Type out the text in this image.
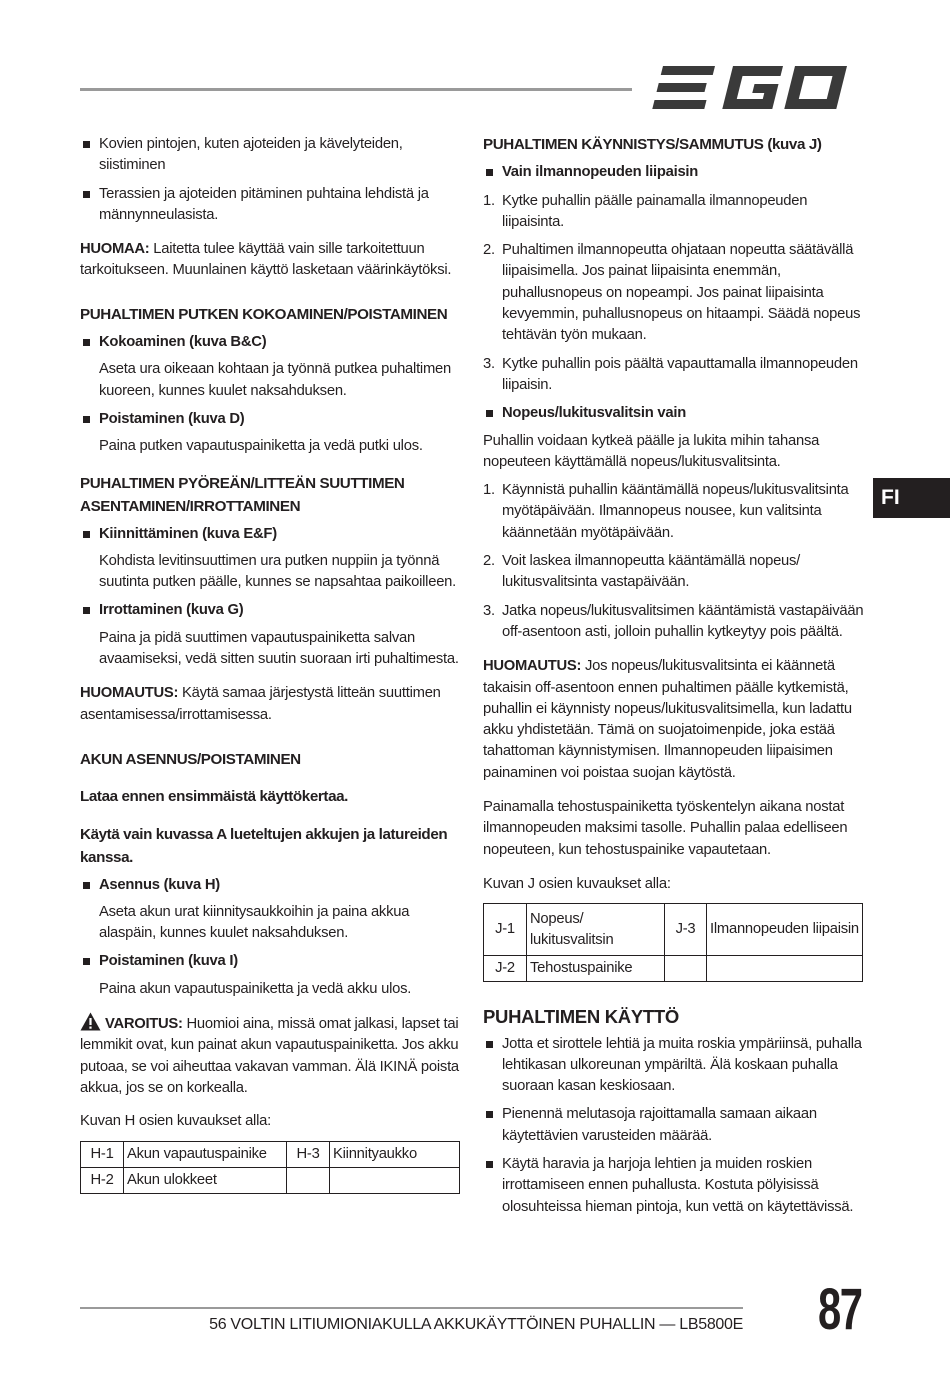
Kovien pintojen, kuten ajoteiden ja kävelyteiden, siistiminen

Terassien ja ajoteiden pitäminen puhtaina lehdistä ja männynneulasista.

HUOMAA: Laitetta tulee käyttää vain sille tarkoitettuun tarkoitukseen. Muunlainen käyttö lasketaan väärinkäytöksi.

PUHALTIMEN PUTKEN KOKOAMINEN/POISTAMINEN

Kokoaminen (kuva B&C)

Aseta ura oikeaan kohtaan ja työnnä putkea puhaltimen kuoreen, kunnes kuulet naksahduksen.

Poistaminen (kuva D)

Paina putken vapautuspainiketta ja vedä putki ulos.

PUHALTIMEN PYÖREÄN/LITTEÄN SUUTTIMEN ASENTAMINEN/IRROTTAMINEN

Kiinnittäminen (kuva E&F)

Kohdista levitinsuuttimen ura putken nuppiin ja työnnä suutinta putken päälle, kunnes se napsahtaa paikoilleen.

Irrottaminen (kuva G)

Paina ja pidä suuttimen vapautuspainiketta salvan avaamiseksi, vedä sitten suutin suoraan irti puhaltimesta.

HUOMAUTUS: Käytä samaa järjestystä litteän suuttimen asentamisessa/irrottamisessa.

AKUN ASENNUS/POISTAMINEN

Lataa ennen ensimmäistä käyttökertaa.

Käytä vain kuvassa A lueteltujen akkujen ja latureiden kanssa.

Asennus (kuva H)

Aseta akun urat kiinnitysaukkoihin ja paina akkua alaspäin, kunnes kuulet naksahduksen.

Poistaminen (kuva I)

Paina akun vapautuspainiketta ja vedä akku ulos.

VAROITUS: Huomioi aina, missä omat jalkasi, lapset tai lemmikit ovat, kun painat akun vapautuspainiketta. Jos akku putoaa, se voi aiheuttaa vakavan vamman. Älä IKINÄ poista akkua, jos se on korkealla.

Kuvan H osien kuvaukset alla:

H-1	Akun vapautuspainike	H-3	Kiinnityaukko
H-2	Akun ulokkeet		

PUHALTIMEN KÄYNNISTYS/SAMMUTUS (kuva J)

Vain ilmannopeuden liipaisin

1. Kytke puhallin päälle painamalla ilmannopeuden liipaisinta.

2. Puhaltimen ilmannopeutta ohjataan nopeutta säätävällä liipaisimella. Jos painat liipaisinta enemmän, puhallusnopeus on nopeampi. Jos painat liipaisinta kevyemmin, puhallusnopeus on hitaampi. Säädä nopeus tehtävän työn mukaan.

3. Kytke puhallin pois päältä vapauttamalla ilmannopeuden liipaisin.

Nopeus/lukitusvalitsin vain

Puhallin voidaan kytkeä päälle ja lukita mihin tahansa nopeuteen käyttämällä nopeus/lukitusvalitsinta.

1. Käynnistä puhallin kääntämällä nopeus/lukitusvalitsinta myötäpäivään. Ilmannopeus nousee, kun valitsinta käännetään myötäpäivään.

2. Voit laskea ilmannopeutta kääntämällä nopeus/ lukitusvalitsinta vastapäivään.

3. Jatka nopeus/lukitusvalitsimen kääntämistä vastapäivään off-asentoon asti, jolloin puhallin kytkeytyy pois päältä.

HUOMAUTUS: Jos nopeus/lukitusvalitsinta ei käännetä takaisin off-asentoon ennen puhaltimen päälle kytkemistä, puhallin ei käynnisty nopeus/lukitusvalitsimella, kun ladattu akku yhdistetään. Tämä on suojatoimenpide, joka estää tahattoman käynnistymisen. Ilmannopeuden liipaisimen painaminen voi poistaa suojan käytöstä.

Painamalla tehostuspainiketta työskentelyn aikana nostat ilmannopeuden maksimi tasolle. Puhallin palaa edelliseen nopeuteen, kun tehostuspainike vapautetaan.

Kuvan J osien kuvaukset alla:

J-1	Nopeus/ lukitusvalitsin	J-3	Ilmannopeuden liipaisin
J-2	Tehostuspainike		

PUHALTIMEN KÄYTTÖ

Jotta et sirottele lehtiä ja muita roskia ympäriinsä, puhalla lehtikasan ulkoreunan ympäriltä. Älä koskaan puhalla suoraan kasan keskiosaan.

Pienennä melutasoja rajoittamalla samaan aikaan käytettävien varusteiden määrää.

Käytä haravia ja harjoja lehtien ja muiden roskien irrottamiseen ennen puhallusta. Kostuta pölyisissä olosuhteissa hieman pintoja, kun vettä on käytettävissä.

FI
56 VOLTIN LITIUMIONIAKULLA AKKUKÄYTTÖINEN PUHALLIN — LB5800E 87
